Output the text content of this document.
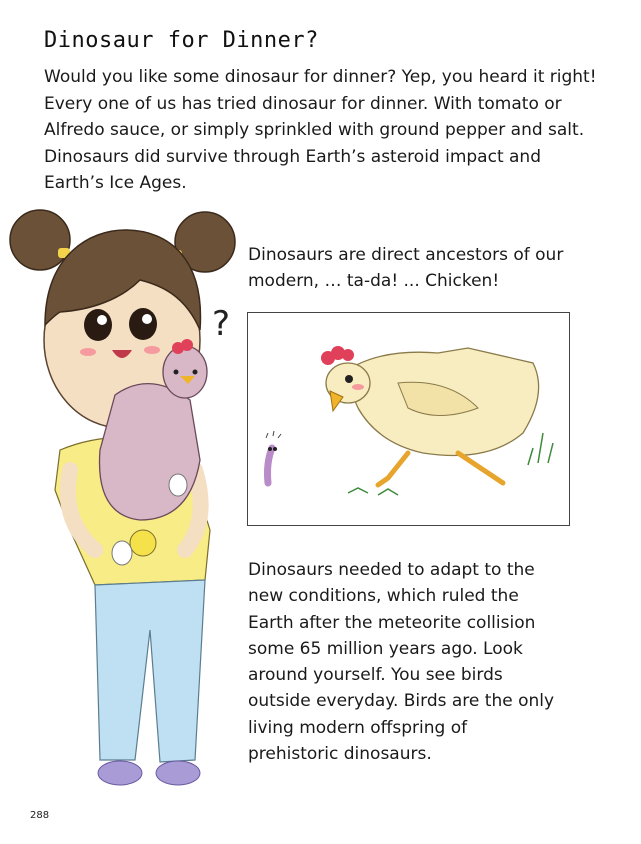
Dinosaur for Dinner?
Would you like some dinosaur for dinner? Yep, you heard it right! Every one of us has tried dinosaur for dinner. With tomato or Alfredo sauce, or simply sprinkled with ground pepper and salt. Dinosaurs did survive through Earth’s asteroid impact and Earth’s Ice Ages.
?
Dinosaurs are direct ancestors of our modern, … ta-da! ... Chicken!
Dinosaurs needed to adapt to the new conditions, which ruled the Earth after the meteorite collision some 65 million years ago. Look around yourself. You see birds outside everyday. Birds are the only living modern offspring of prehistoric dinosaurs.
288
